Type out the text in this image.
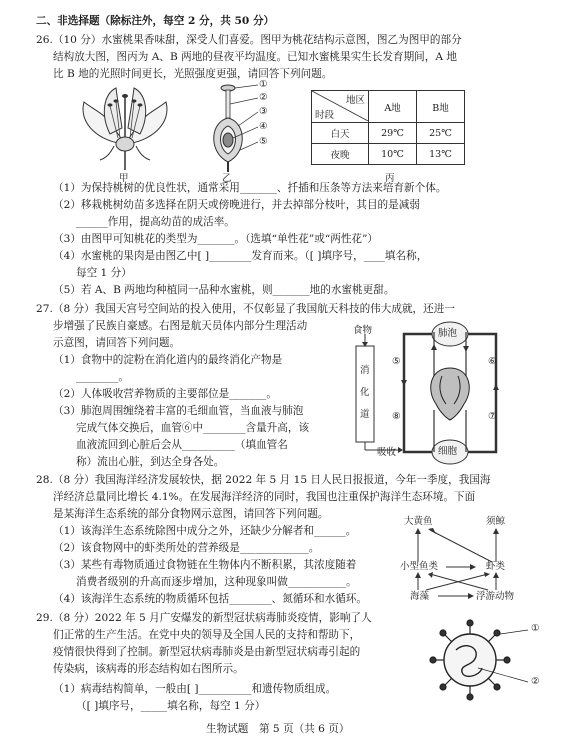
二、非选择题（除标注外，每空 2 分，共 50 分）
26.（10 分）水蜜桃果香味甜，深受人们喜爱。图甲为桃花结构示意图，图乙为图甲的部分
结构放大图，图丙为 A、B 两地的昼夜平均温度。已知水蜜桃果实生长发育期间，A 地
比 B 地的光照时间更长，光照强度更强，请回答下列问题。
甲
①
②
③
④
⑤
乙
地区
时段	A地	B地
白天	29℃	25℃
夜晚	10℃	13℃
丙
（1）为保持桃树的优良性状，通常采用_______、扦插和压条等方法来培育新个体。
（2）移栽桃树幼苗多选择在阴天或傍晚进行，并去掉部分枝叶，其目的是减弱
______作用，提高幼苗的成活率。
（3）由图甲可知桃花的类型为_______。（选填“单性花”或“两性花”）
（4）水蜜桃的果肉是由图乙中[ ]________发育而来。（[ ]填序号，____填名称，
每空 1 分）
（5）若 A、B 两地均种植同一品种水蜜桃，则_______地的水蜜桃更甜。
27.（8 分）我国天宫号空间站的投入使用，不仅彰显了我国航天科技的伟大成就，还进一
步增强了民族自豪感。右图是航天员体内部分生理活动
示意图，请回答下列问题。
（1）食物中的淀粉在消化道内的最终消化产物是
________。
（2）人体吸收营养物质的主要部位是_______。
（3）肺泡周围缠绕着丰富的毛细血管，当血液与肺泡
完成气体交换后，血管⑥中________含量升高，该
血液流回到心脏后会从__________（填血管名
称）流出心脏，到达全身各处。
食物
消
化
道
肺泡
细胞
吸收
⑤	⑥
⑦
⑧
28.（8 分）我国海洋经济发展较快，据 2022 年 5 月 15 日人民日报报道，今年一季度，我国海
洋经济总量同比增长 4.1%。在发展海洋经济的同时，我国也注重保护海洋生态环境。下面
是某海洋生态系统的部分食物网示意图，请回答下列问题。
（1）该海洋生态系统除图中成分之外，还缺少分解者和______。
（2）该食物网中的虾类所处的营养级是_____________。
（3）某些有毒物质通过食物链在生物体内不断积累，其浓度随着
消费者级别的升高而逐步增加，这种现象叫做___________。
（4）该海洋生态系统的物质循环包括________、氮循环和水循环。
大黄鱼	须鲸
小型鱼类	虾类
海藻	浮游动物
29.（8 分）2022 年 5 月广安爆发的新型冠状病毒肺炎疫情，影响了人
们正常的生产生活。在党中央的领导及全国人民的支持和帮助下，
疫情很快得到了控制。新型冠状病毒肺炎是由新型冠状病毒引起的
传染病，该病毒的形态结构如右图所示。
（1）病毒结构简单，一般由[ ]__________和遗传物质组成。
（[ ]填序号，_____填名称，每空 1 分）
①
②
生物试题　第 5 页（共 6 页）
